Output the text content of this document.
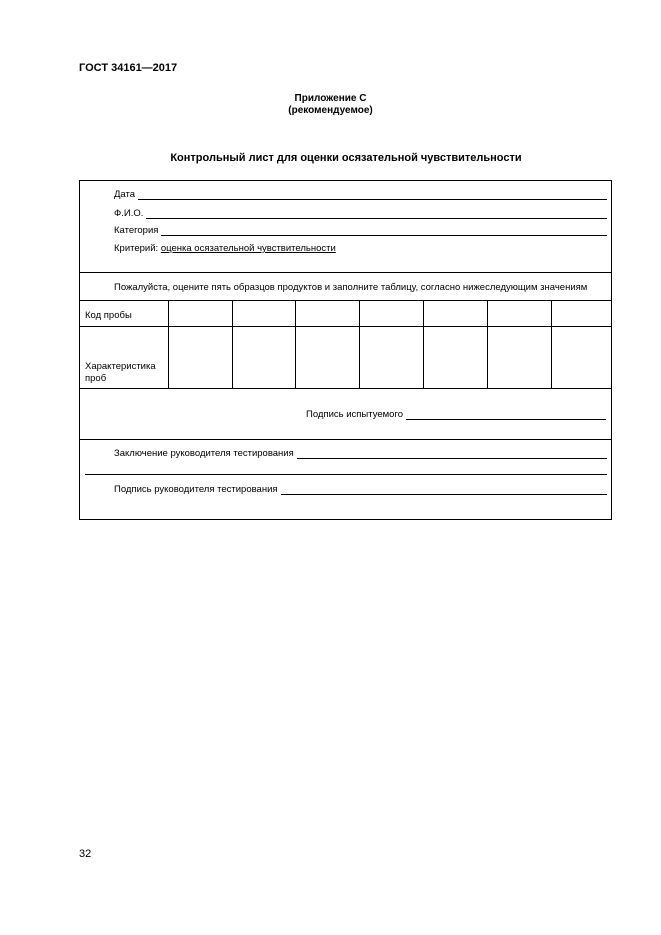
ГОСТ 34161—2017
Приложение С
(рекомендуемое)
Контрольный лист для оценки осязательной чувствительности
Дата
Ф.И.О.
Категория
Критерий: оценка осязательной чувствительности
Пожалуйста, оцените пять образцов продуктов и заполните таблицу, согласно нижеследующим значениям
Код пробы
Характеристика проб
Подпись испытуемого
Заключение руководителя тестирования
Подпись руководителя тестирования
32
